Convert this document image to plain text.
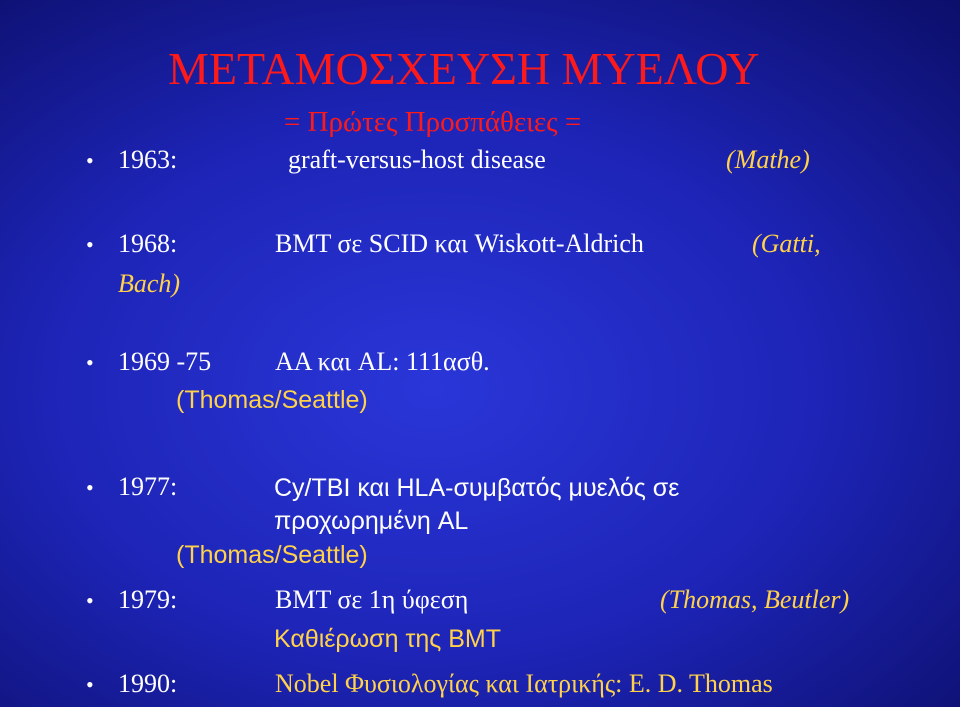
ΜΕΤΑΜΟΣΧΕΥΣΗ ΜΥΕΛΟΥ
= Πρώτες Προσπάθειες =
• 1963:	graft-versus-host disease	(Mathe)
• 1968:	BMT σε SCID και Wiskott-Aldrich	(Gatti,
Bach)
• 1969 -75 AA και AL: 111ασθ.
(Thomas/Seattle)
• 1977:	Cy/TBI και HLA-συμβατός μυελός σε
προχωρημένη AL
(Thomas/Seattle)
• 1979:	BMT σε 1η ύφεση	(Thomas, Beutler)
Καθιέρωση της BMT
• 1990:	Nobel Φυσιολογίας και Ιατρικής: E. D. Thomas
